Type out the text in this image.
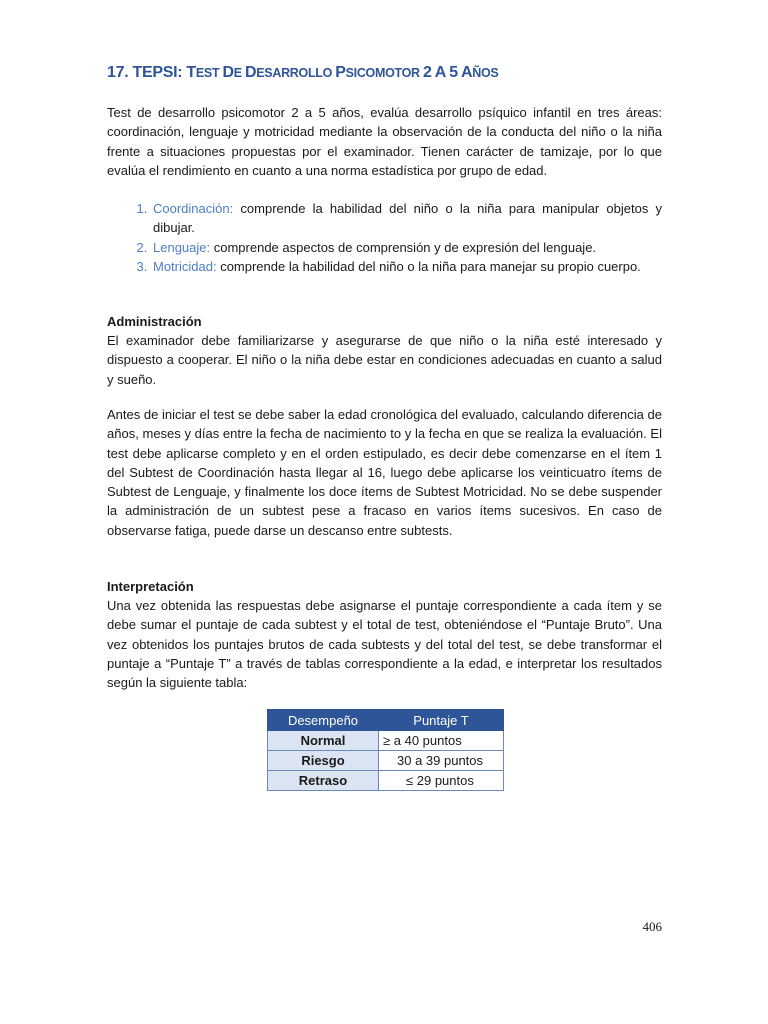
17. TEPSI: TEST DE DESARROLLO PSICOMOTOR 2 A 5 AÑOS

Test de desarrollo psicomotor 2 a 5 años, evalúa desarrollo psíquico infantil en tres áreas: coordinación, lenguaje y motricidad mediante la observación de la conducta del niño o la niña frente a situaciones propuestas por el examinador. Tienen carácter de tamizaje, por lo que evalúa el rendimiento en cuanto a una norma estadística por grupo de edad.

1. Coordinación: comprende la habilidad del niño o la niña para manipular objetos y dibujar.
2. Lenguaje: comprende aspectos de comprensión y de expresión del lenguaje.
3. Motricidad: comprende la habilidad del niño o la niña para manejar su propio cuerpo.
Administración

El examinador debe familiarizarse y asegurarse de que niño o la niña esté interesado y dispuesto a cooperar. El niño o la niña debe estar en condiciones adecuadas en cuanto a salud y sueño.

Antes de iniciar el test se debe saber la edad cronológica del evaluado, calculando diferencia de años, meses y días entre la fecha de nacimiento to y la fecha en que se realiza la evaluación. El test debe aplicarse completo y en el orden estipulado, es decir debe comenzarse en el ítem 1 del Subtest de Coordinación hasta llegar al 16, luego debe aplicarse los veinticuatro ítems de Subtest de Lenguaje, y finalmente los doce ítems de Subtest Motricidad. No se debe suspender la administración de un subtest pese a fracaso en varios ítems sucesivos. En caso de observarse fatiga, puede darse un descanso entre subtests.

Interpretación

Una vez obtenida las respuestas debe asignarse el puntaje correspondiente a cada ítem y se debe sumar el puntaje de cada subtest y el total de test, obteniéndose el “Puntaje Bruto”. Una vez obtenidos los puntajes brutos de cada subtests y del total del test, se debe transformar el puntaje a “Puntaje T” a través de tablas correspondiente a la edad, e interpretar los resultados según la siguiente tabla:

Desempeño	Puntaje T
Normal	≥ a 40 puntos
Riesgo	30 a 39 puntos
Retraso	≤ 29 puntos
406
